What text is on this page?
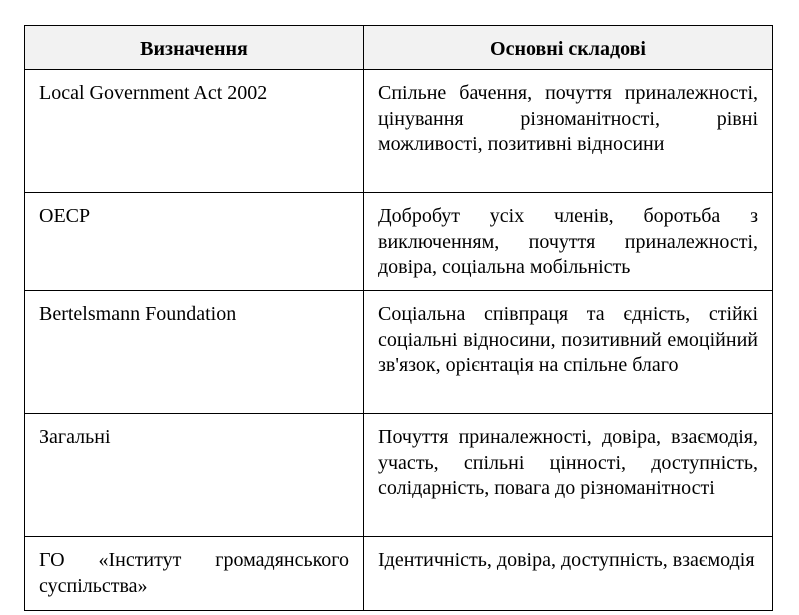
Визначення	Основні складові
Local Government Act 2002	Спільне бачення, почуття приналежності, цінування різноманітності, рівні можливості, позитивні відносини
OECP	Добробут усіх членів, боротьба з виключенням, почуття приналежності, довіра, соціальна мобільність
Bertelsmann Foundation	Соціальна співпраця та єдність, стійкі соціальні відносини, позитивний емоційний зв'язок, орієнтація на спільне благо
Загальні	Почуття приналежності, довіра, взаємодія, участь, спільні цінності, доступність, солідарність, повага до різноманітності
ГО «Інститут громадянського суспільства»	Ідентичність, довіра, доступність, взаємодія
